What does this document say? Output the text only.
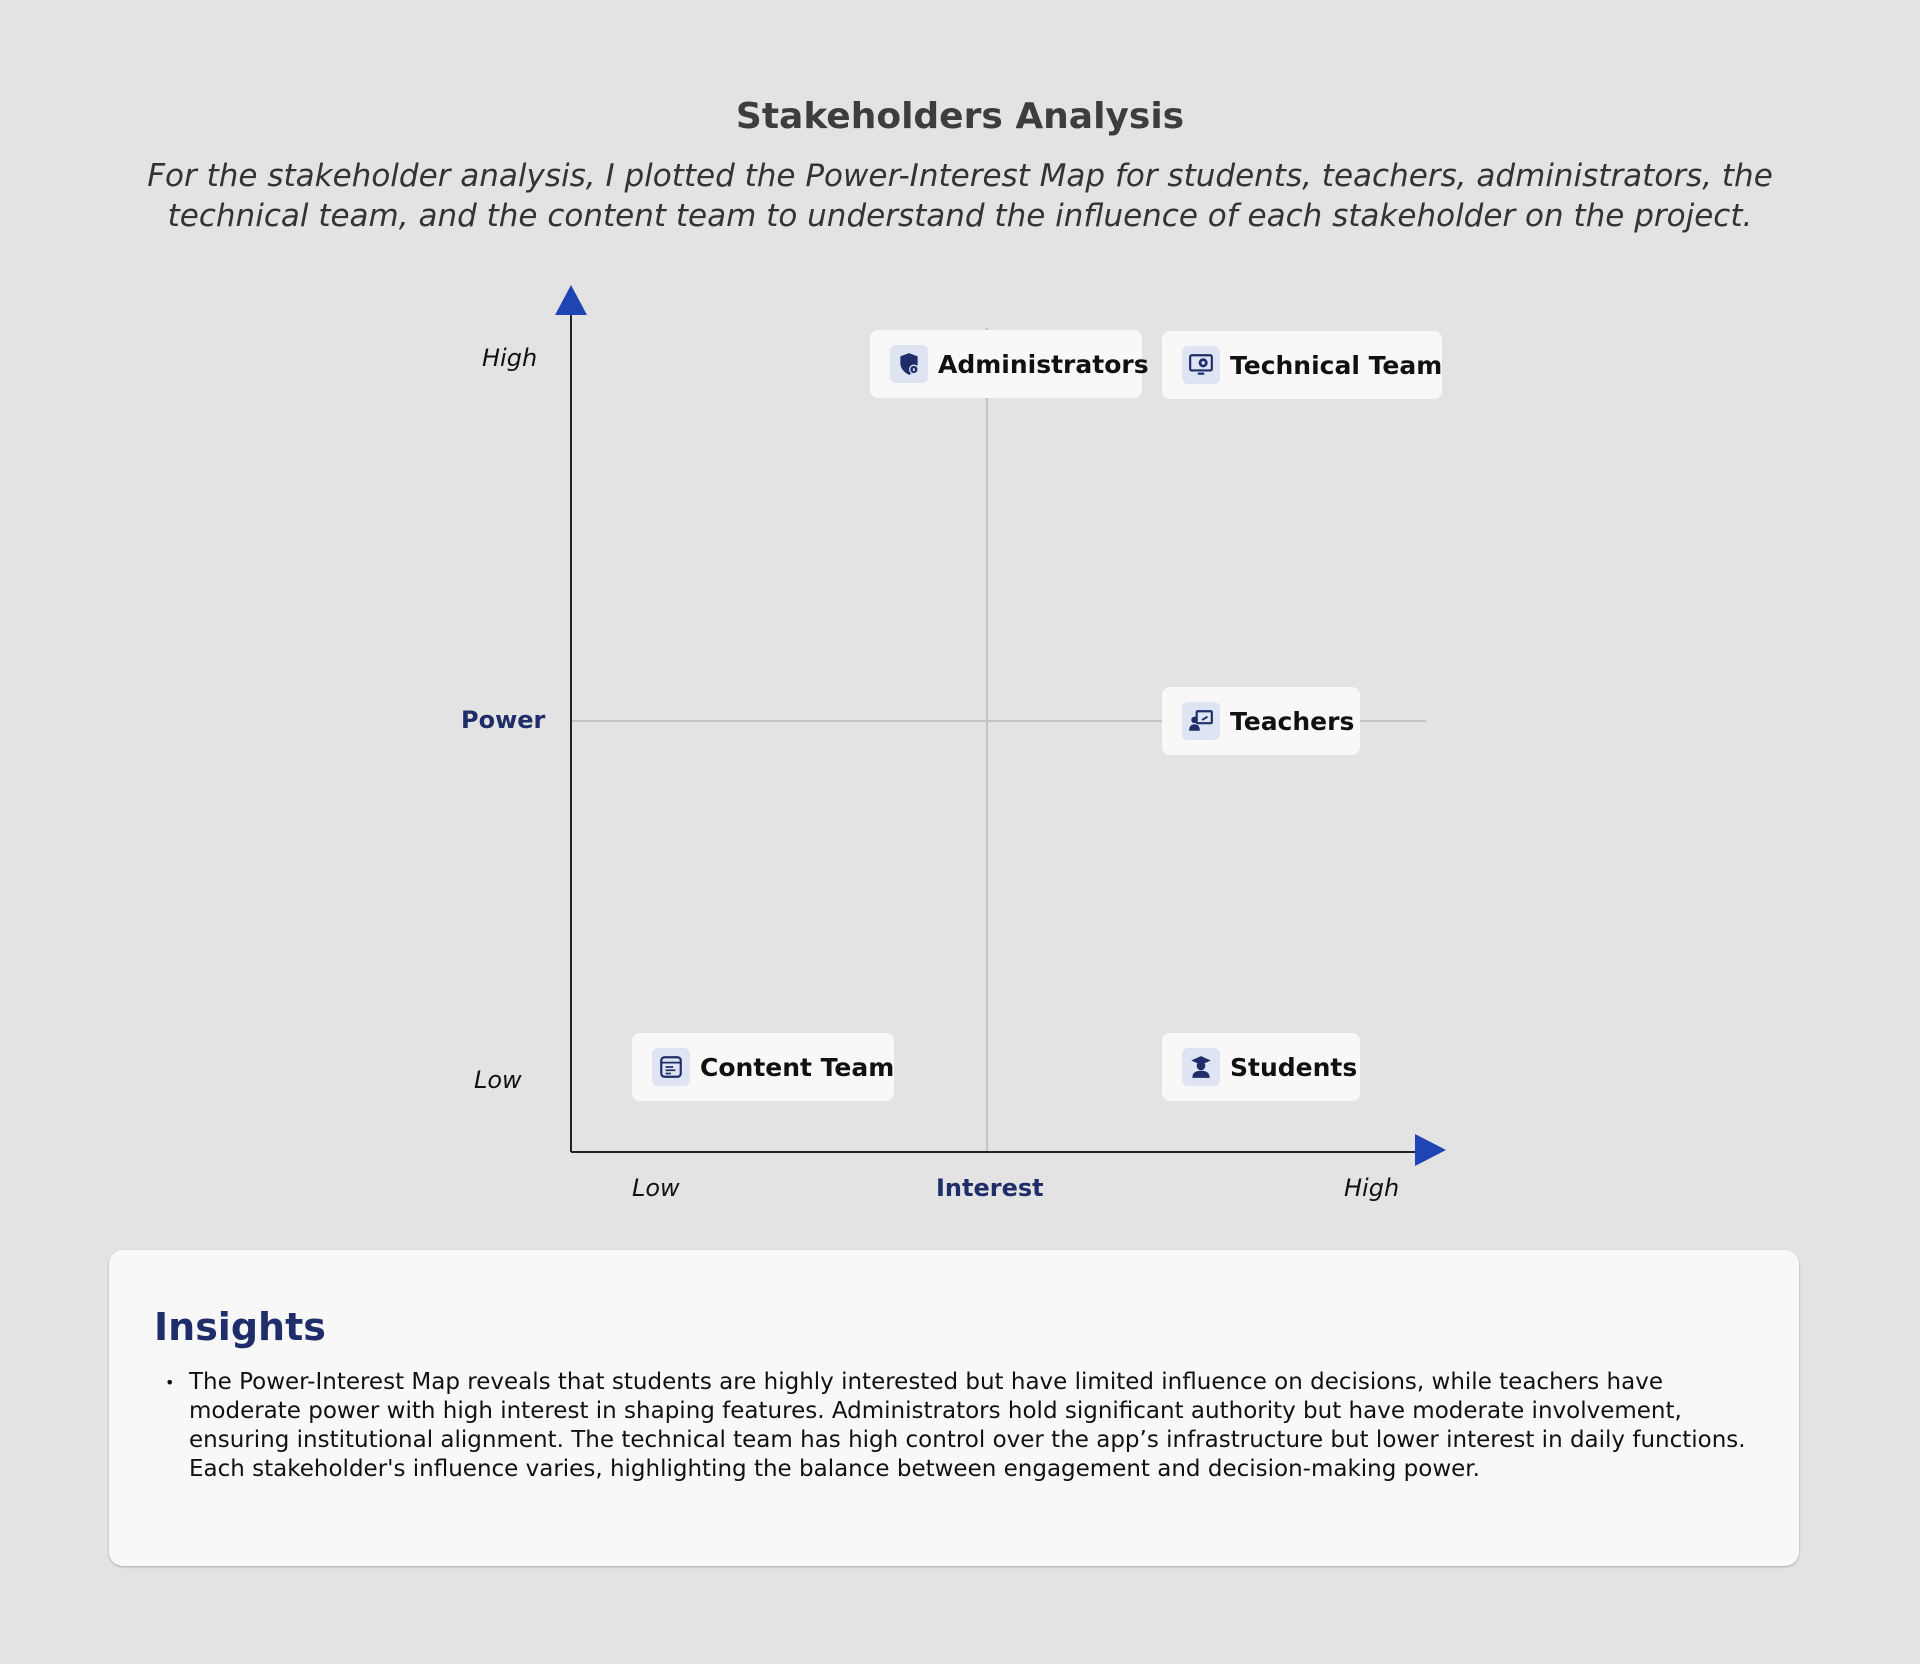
Stakeholders Analysis
For the stakeholder analysis, I plotted the Power-Interest Map for students, teachers, administrators, the technical team, and the content team to understand the influence of each stakeholder on the project.
High
Power
Low
Low	Interest	High
Administrators	Technical Team
Teachers
Content Team	Students
Insights
• The Power-Interest Map reveals that students are highly interested but have limited influence on decisions, while teachers have moderate power with high interest in shaping features. Administrators hold significant authority but have moderate involvement, ensuring institutional alignment. The technical team has high control over the app’s infrastructure but lower interest in daily functions. Each stakeholder's influence varies, highlighting the balance between engagement and decision-making power.
